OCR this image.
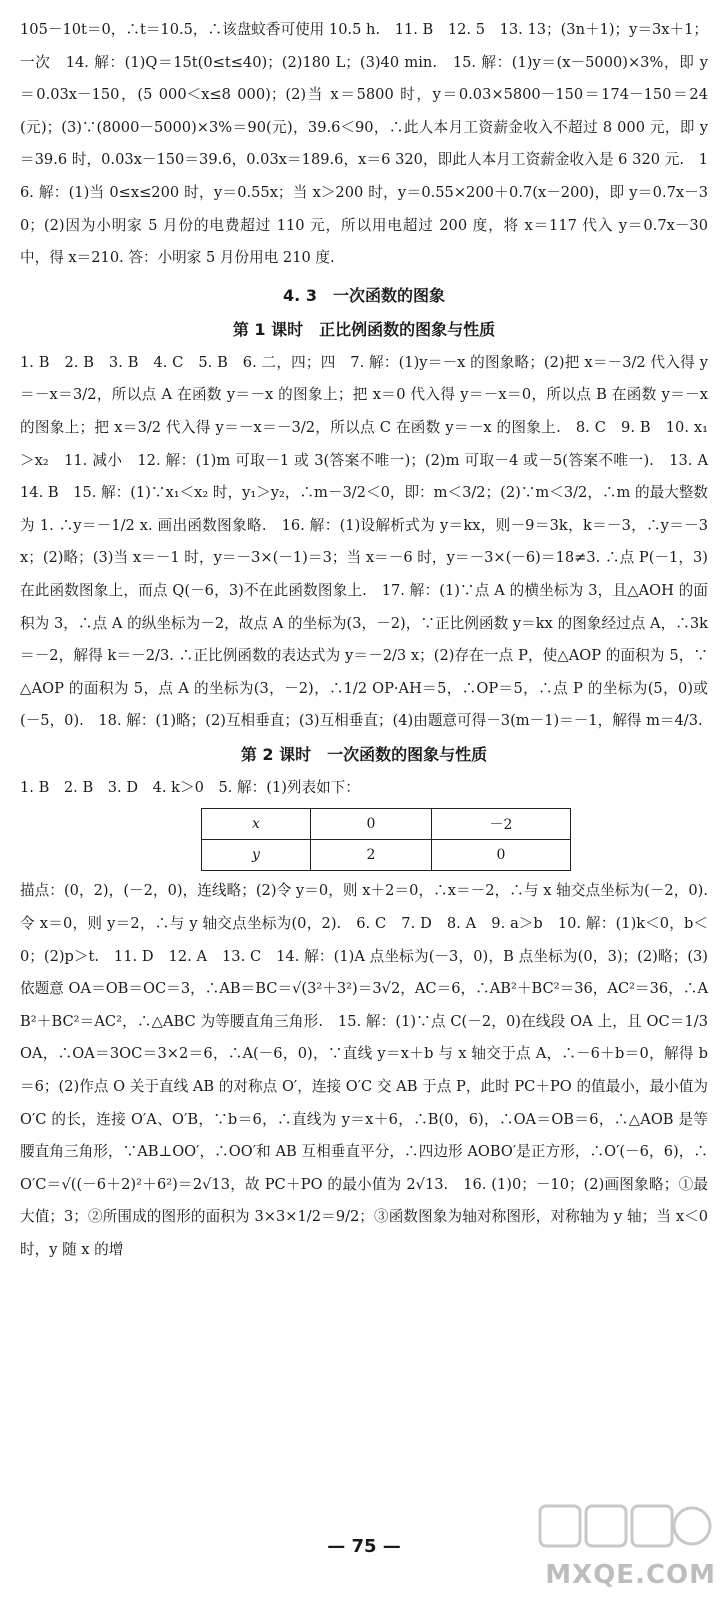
105－10t＝0，∴t＝10.5，∴该盘蚊香可使用 10.5 h.　11. B　12. 5　13. 13；(3n＋1)；y＝3x＋1；一次　14. 解：(1)Q＝15t(0≤t≤40)；(2)180 L；(3)40 min.　15. 解：(1)y＝(x－5000)×3%，即 y＝0.03x－150，(5 000＜x≤8 000)；(2)当 x＝5800 时，y＝0.03×5800－150＝174－150＝24(元)；(3)∵(8000－5000)×3%＝90(元)，39.6＜90，∴此人本月工资薪金收入不超过 8 000 元，即 y＝39.6 时，0.03x－150＝39.6，0.03x＝189.6，x＝6 320，即此人本月工资薪金收入是 6 320 元.　16. 解：(1)当 0≤x≤200 时，y＝0.55x；当 x＞200 时，y＝0.55×200＋0.7(x－200)，即 y＝0.7x－30；(2)因为小明家 5 月份的电费超过 110 元，所以用电超过 200 度，将 x＝117 代入 y＝0.7x－30 中，得 x＝210. 答：小明家 5 月份用电 210 度.

4. 3　一次函数的图象
第 1 课时　正比例函数的图象与性质

1. B　2. B　3. B　4. C　5. B　6. 二，四；四　7. 解：(1)y＝－x 的图象略；(2)把 x＝－3/2 代入得 y＝－x＝3/2，所以点 A 在函数 y＝－x 的图象上；把 x＝0 代入得 y＝－x＝0，所以点 B 在函数 y＝－x 的图象上；把 x＝3/2 代入得 y＝－x＝－3/2，所以点 C 在函数 y＝－x 的图象上.　8. C　9. B　10. x₁＞x₂　11. 减小　12. 解：(1)m 可取－1 或 3(答案不唯一)；(2)m 可取－4 或－5(答案不唯一).　13. A　14. B　15. 解：(1)∵x₁＜x₂ 时，y₁＞y₂，∴m－3/2＜0，即：m＜3/2；(2)∵m＜3/2，∴m 的最大整数为 1. ∴y＝－1/2 x. 画出函数图象略.　16. 解：(1)设解析式为 y＝kx，则－9＝3k，k＝－3，∴y＝－3x；(2)略；(3)当 x＝－1 时，y＝－3×(－1)＝3；当 x＝－6 时，y＝－3×(－6)＝18≠3. ∴点 P(－1，3)在此函数图象上，而点 Q(－6，3)不在此函数图象上.　17. 解：(1)∵点 A 的横坐标为 3，且△AOH 的面积为 3，∴点 A 的纵坐标为－2，故点 A 的坐标为(3，－2)，∵正比例函数 y＝kx 的图象经过点 A，∴3k＝－2，解得 k＝－2/3. ∴正比例函数的表达式为 y＝－2/3 x；(2)存在一点 P，使△AOP 的面积为 5，∵△AOP 的面积为 5，点 A 的坐标为(3，－2)，∴1/2 OP·AH＝5，∴OP＝5，∴点 P 的坐标为(5，0)或(－5，0).　18. 解：(1)略；(2)互相垂直；(3)互相垂直；(4)由题意可得－3(m－1)＝－1，解得 m＝4/3.

第 2 课时　一次函数的图象与性质

1. B　2. B　3. D　4. k＞0　5. 解：(1)列表如下：

x	0	－2
y	2	0

描点：(0，2)，(－2，0)，连线略；(2)令 y＝0，则 x＋2＝0，∴x＝－2，∴与 x 轴交点坐标为(－2，0). 令 x＝0，则 y＝2，∴与 y 轴交点坐标为(0，2).　6. C　7. D　8. A　9. a＞b　10. 解：(1)k＜0，b＜0；(2)p＞t.　11. D　12. A　13. C　14. 解：(1)A 点坐标为(－3，0)，B 点坐标为(0，3)；(2)略；(3)依题意 OA＝OB＝OC＝3，∴AB＝BC＝√(3²＋3²)＝3√2，AC＝6，∴AB²＋BC²＝36，AC²＝36，∴AB²＋BC²＝AC²，∴△ABC 为等腰直角三角形.　15. 解：(1)∵点 C(－2，0)在线段 OA 上，且 OC＝1/3 OA，∴OA＝3OC＝3×2＝6，∴A(－6，0)，∵直线 y＝x＋b 与 x 轴交于点 A，∴－6＋b＝0，解得 b＝6；(2)作点 O 关于直线 AB 的对称点 O′，连接 O′C 交 AB 于点 P，此时 PC＋PO 的值最小，最小值为 O′C 的长，连接 O′A、O′B，∵b＝6，∴直线为 y＝x＋6，∴B(0，6)，∴OA＝OB＝6，∴△AOB 是等腰直角三角形，∵AB⊥OO′，∴OO′和 AB 互相垂直平分，∴四边形 AOBO′是正方形，∴O′(－6，6)，∴O′C＝√((－6＋2)²＋6²)＝2√13，故 PC＋PO 的最小值为 2√13.　16. (1)0；－10；(2)画图象略；①最大值；3；②所围成的图形的面积为 3×3×1/2＝9/2；③函数图象为轴对称图形，对称轴为 y 轴；当 x＜0 时，y 随 x 的增

— 75 —
MXQE.COM
